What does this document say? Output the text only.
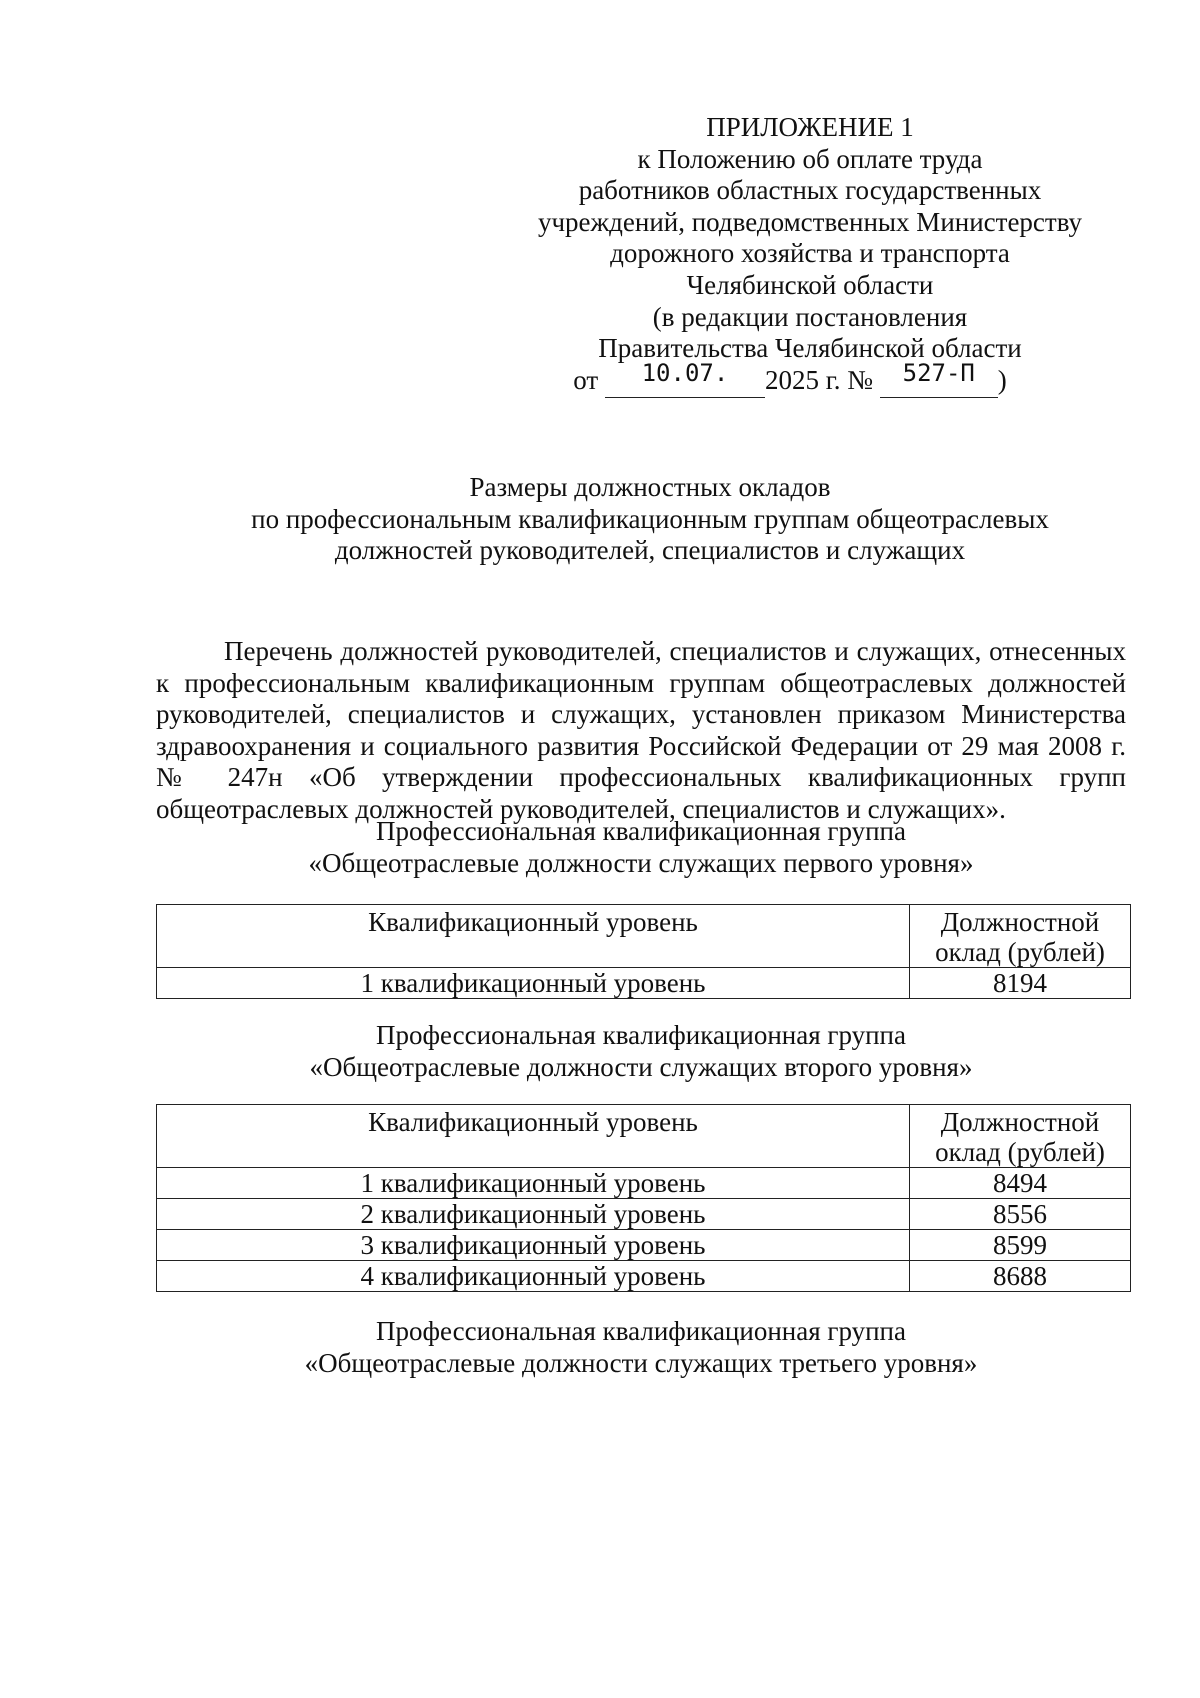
ПРИЛОЖЕНИЕ 1
к Положению об оплате труда
работников областных государственных
учреждений, подведомственных Министерству
дорожного хозяйства и транспорта
Челябинской области
(в редакции постановления
Правительства Челябинской области
от 10.07. 2025 г. № 527-П )
Размеры должностных окладов
по профессиональным квалификационным группам общеотраслевых
должностей руководителей, специалистов и служащих
Перечень должностей руководителей, специалистов и служащих, отнесенных к профессиональным квалификационным группам общеотраслевых должностей руководителей, специалистов и служащих, установлен приказом Министерства здравоохранения и социального развития Российской Федерации от 29 мая 2008 г. № 247н «Об утверждении профессиональных квалификационных групп общеотраслевых должностей руководителей, специалистов и служащих».
Профессиональная квалификационная группа
«Общеотраслевые должности служащих первого уровня»
Квалификационный уровень	Должностной
оклад (рублей)
1 квалификационный уровень	8194
Профессиональная квалификационная группа
«Общеотраслевые должности служащих второго уровня»
Квалификационный уровень	Должностной
оклад (рублей)
1 квалификационный уровень	8494
2 квалификационный уровень	8556
3 квалификационный уровень	8599
4 квалификационный уровень	8688
Профессиональная квалификационная группа
«Общеотраслевые должности служащих третьего уровня»
